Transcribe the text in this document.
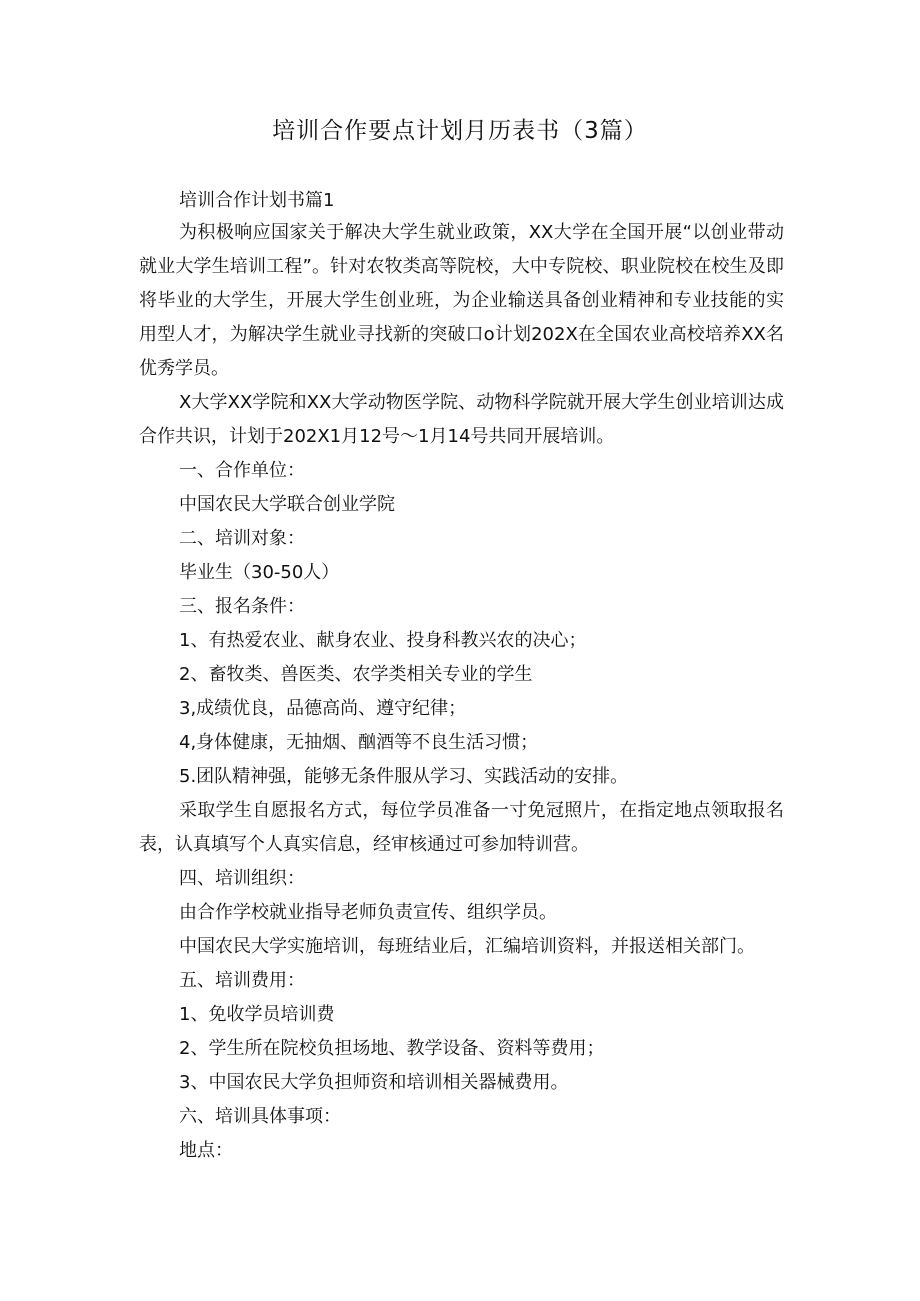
培训合作要点计划月历表书（3篇）

培训合作计划书篇1

为积极响应国家关于解决大学生就业政策，XX大学在全国开展“以创业带动就业大学生培训工程”。针对农牧类高等院校，大中专院校、职业院校在校生及即将毕业的大学生，开展大学生创业班，为企业输送具备创业精神和专业技能的实用型人才，为解决学生就业寻找新的突破口o计划202X在全国农业高校培养XX名优秀学员。

X大学XX学院和XX大学动物医学院、动物科学院就开展大学生创业培训达成合作共识，计划于202X1月12号〜1月14号共同开展培训。

一、合作单位：

中国农民大学联合创业学院

二、培训对象：

毕业生（30-50人）

三、报名条件：

1、有热爱农业、献身农业、投身科教兴农的决心；

2、畜牧类、兽医类、农学类相关专业的学生

3,成绩优良，品德高尚、遵守纪律；

4,身体健康，无抽烟、酗酒等不良生活习惯；

5.团队精神强，能够无条件服从学习、实践活动的安排。

采取学生自愿报名方式，每位学员准备一寸免冠照片，在指定地点领取报名表，认真填写个人真实信息，经审核通过可参加特训营。

四、培训组织：

由合作学校就业指导老师负责宣传、组织学员。

中国农民大学实施培训，每班结业后，汇编培训资料，并报送相关部门。

五、培训费用：

1、免收学员培训费

2、学生所在院校负担场地、教学设备、资料等费用；

3、中国农民大学负担师资和培训相关器械费用。

六、培训具体事项：

地点：
